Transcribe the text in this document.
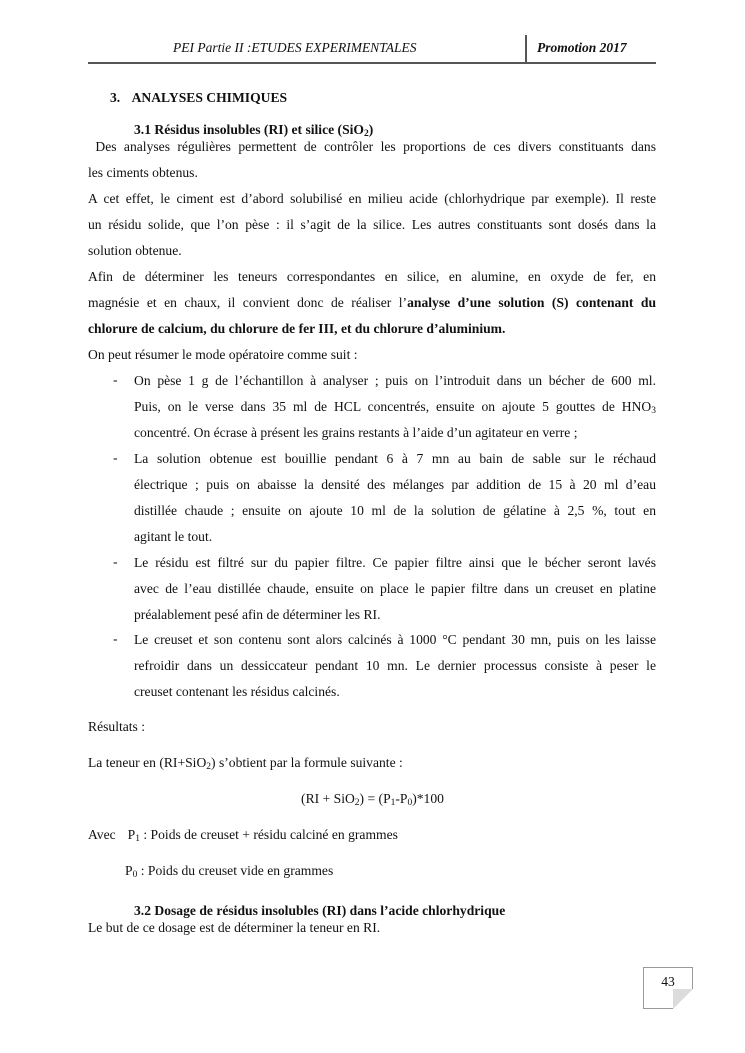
PEI Partie II :ETUDES EXPERIMENTALES	Promotion 2017
3. ANALYSES CHIMIQUES
3.1 Résidus insolubles (RI) et silice (SiO$_2$)
Des analyses régulières permettent de contrôler les proportions de ces divers constituants dans
les ciments obtenus.
A cet effet, le ciment est d’abord solubilisé en milieu acide (chlorhydrique par exemple). Il reste
un résidu solide, que l’on pèse : il s’agit de la silice. Les autres constituants sont dosés dans la
solution obtenue.
Afin de déterminer les teneurs correspondantes en silice, en alumine, en oxyde de fer, en
magnésie et en chaux, il convient donc de réaliser l’analyse d’une solution (S) contenant du
chlorure de calcium, du chlorure de fer III, et du chlorure d’aluminium.
On peut résumer le mode opératoire comme suit :
- On pèse 1 g de l’échantillon à analyser ; puis on l’introduit dans un bécher de 600 ml.
Puis, on le verse dans 35 ml de HCL concentrés, ensuite on ajoute 5 gouttes de $HNO_3$
concentré. On écrase à présent les grains restants à l’aide d’un agitateur en verre ;
- La solution obtenue est bouillie pendant 6 à 7 mn au bain de sable sur le réchaud
électrique ; puis on abaisse la densité des mélanges par addition de 15 à 20 ml d’eau
distillée chaude ; ensuite on ajoute 10 ml de la solution de gélatine à 2,5 %, tout en
agitant le tout.
- Le résidu est filtré sur du papier filtre. Ce papier filtre ainsi que le bécher seront lavés
avec de l’eau distillée chaude, ensuite on place le papier filtre dans un creuset en platine
préalablement pesé afin de déterminer les RI.
- Le creuset et son contenu sont alors calcinés à 1000 °C pendant 30 mn, puis on les laisse
refroidir dans un dessiccateur pendant 10 mn. Le dernier processus consiste à peser le
creuset contenant les résidus calcinés.
Résultats :
La teneur en (RI+SiO$_2$) s’obtient par la formule suivante :
$(RI + SiO_2) = (P_1-P_0)*100$
Avec $P_1$ : Poids de creuset + résidu calciné en grammes
$P_0$ : Poids du creuset vide en grammes
3.2 Dosage de résidus insolubles (RI) dans l’acide chlorhydrique
Le but de ce dosage est de déterminer la teneur en RI.
43
